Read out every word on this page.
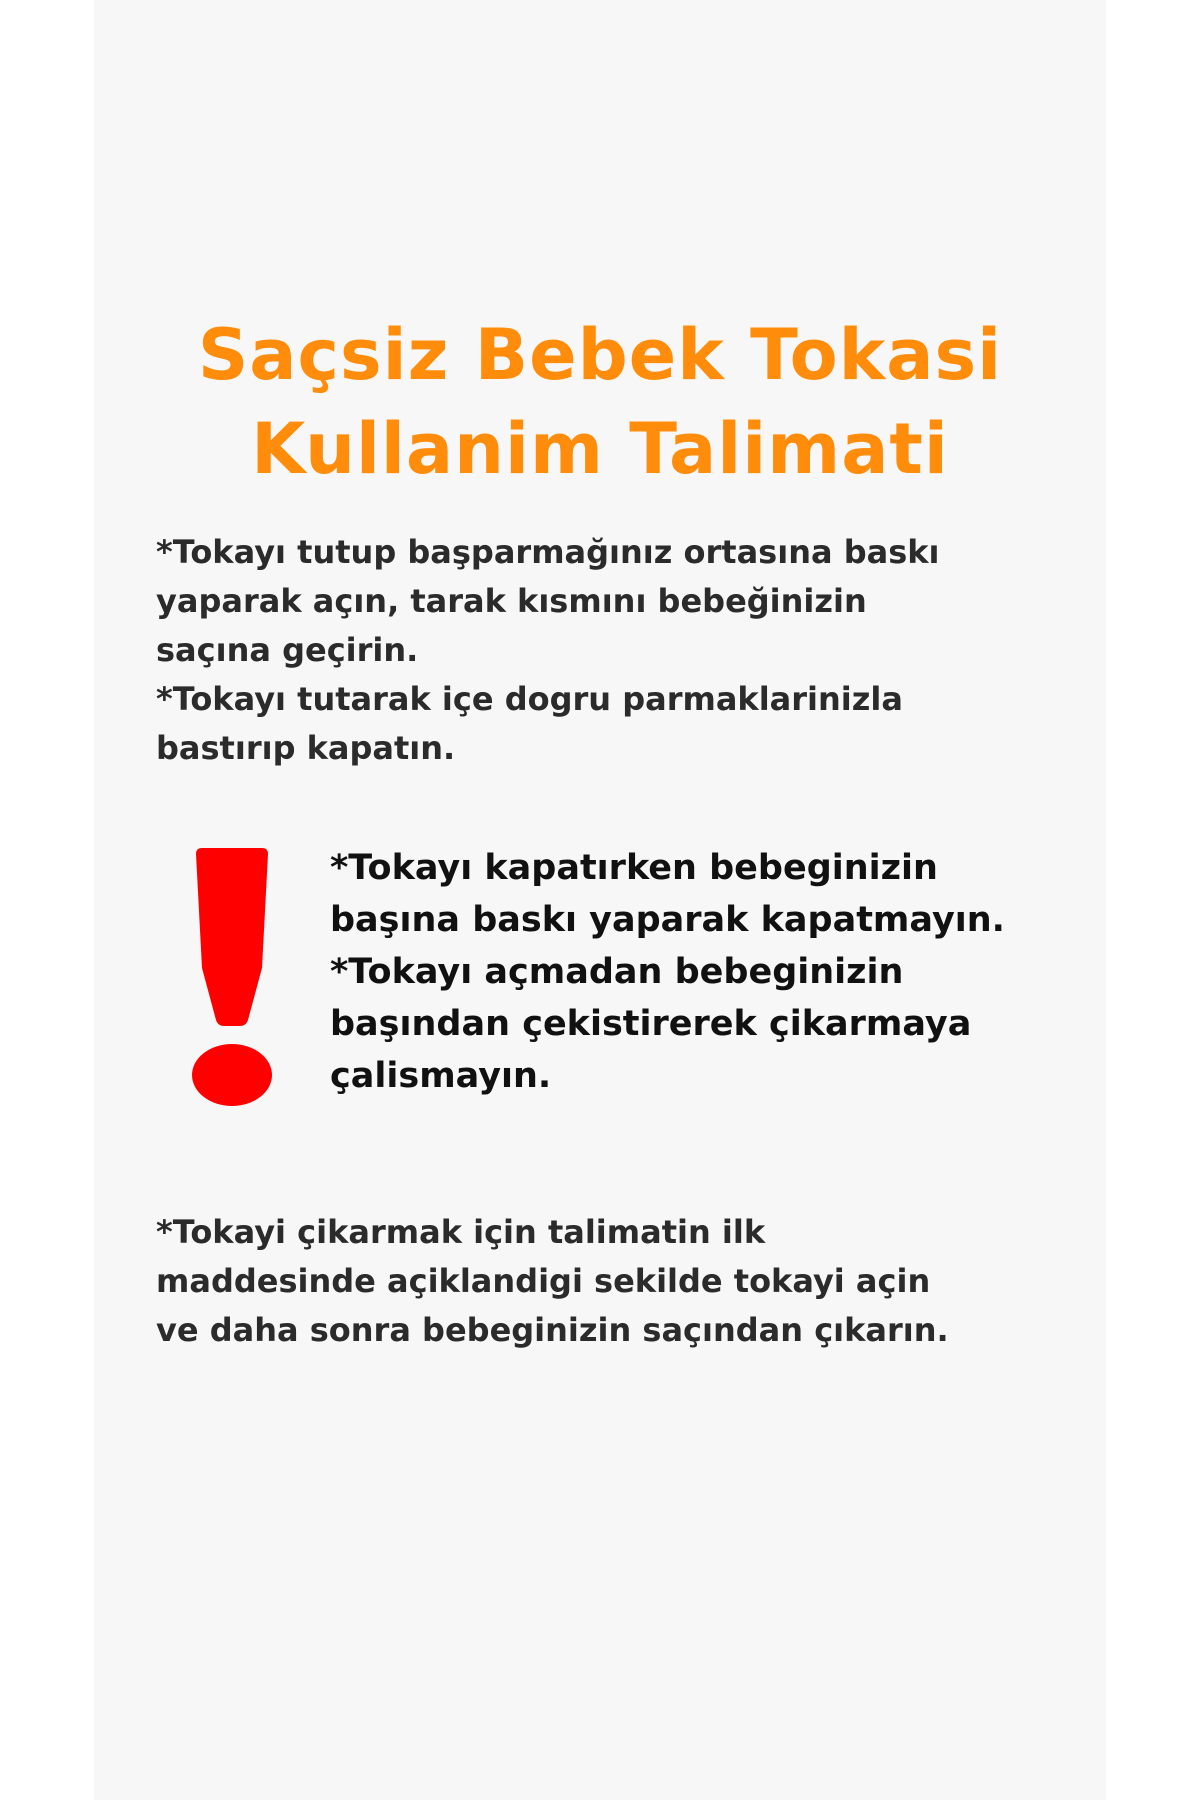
Saçsiz Bebek Tokasi
Kullanim Talimati
*Tokayı tutup başparmağınız ortasına baskı
yaparak açın, tarak kısmını bebeğinizin
saçına geçirin.
*Tokayı tutarak içe dogru parmaklarinizla
bastırıp kapatın.
*Tokayı kapatırken bebeginizin
başına baskı yaparak kapatmayın.
*Tokayı açmadan bebeginizin
başından çekistirerek çikarmaya
çalismayın.
*Tokayi çikarmak için talimatin ilk
maddesinde açiklandigi sekilde tokayi açin
ve daha sonra bebeginizin saçından çıkarın.
